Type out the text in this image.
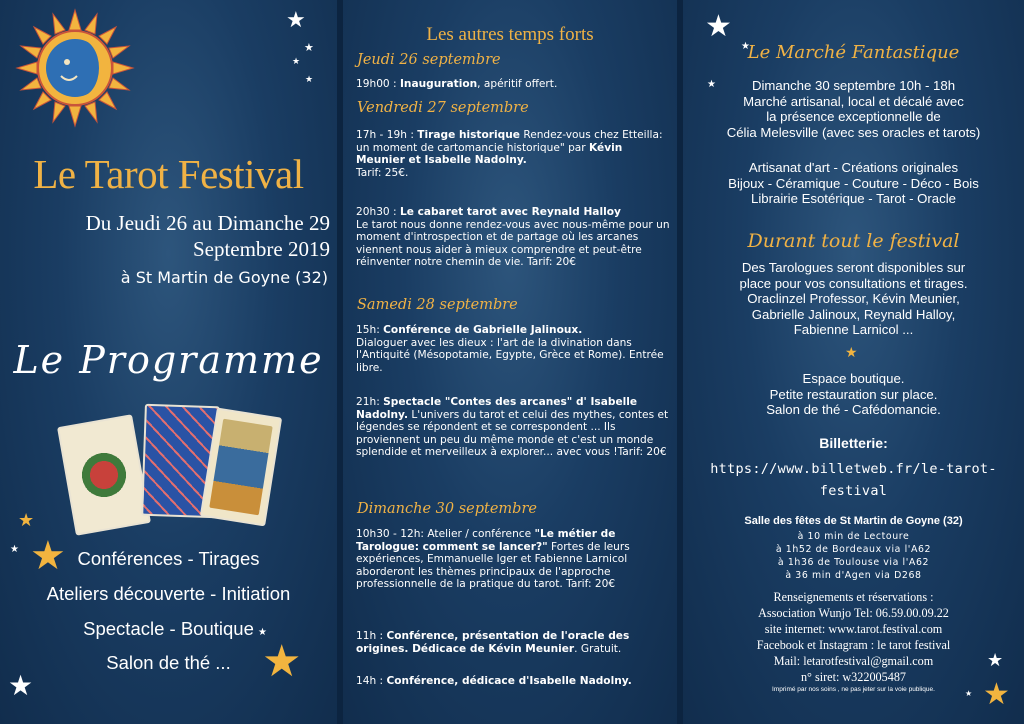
★
★
★
★
Le Tarot Festival
Du Jeudi 26 au Dimanche 29
Septembre 2019
à St Martin de Goyne (32)
Le Programme
★
★
★
★	★
★
Conférences - Tirages
Ateliers découverte - Initiation
Spectacle - Boutique
Salon de thé ...
Les autres temps forts
Jeudi 26 septembre
19h00 : Inauguration, apéritif offert.
Vendredi 27 septembre
17h - 19h : Tirage historique Rendez-vous chez Etteilla: un moment de cartomancie historique" par Kévin Meunier et Isabelle Nadolny.
Tarif: 25€.
20h30 : Le cabaret tarot avec Reynald Halloy
Le tarot nous donne rendez-vous avec nous-même pour un moment d'introspection et de partage où les arcanes viennent nous aider à mieux comprendre et peut-être réinventer notre chemin de vie. Tarif: 20€
Samedi 28 septembre
15h: Conférence de Gabrielle Jalinoux.
Dialoguer avec les dieux : l'art de la divination dans l'Antiquité (Mésopotamie, Egypte, Grèce et Rome). Entrée libre.
21h: Spectacle "Contes des arcanes" d' Isabelle Nadolny. L'univers du tarot et celui des mythes, contes et légendes se répondent et se correspondent ... Ils proviennent un peu du même monde et c'est un monde splendide et merveilleux à explorer... avec vous !Tarif: 20€
Dimanche 30 septembre
10h30 - 12h: Atelier / conférence "Le métier de Tarologue: comment se lancer?" Fortes de leurs expériences, Emmanuelle Iger et Fabienne Larnicol aborderont les thèmes principaux de l'approche professionnelle de la pratique du tarot. Tarif: 20€
11h : Conférence, présentation de l'oracle des origines. Dédicace de Kévin Meunier. Gratuit.
14h : Conférence, dédicace d'Isabelle Nadolny.
★
★
★
Le Marché Fantastique
Dimanche 30 septembre 10h - 18h
Marché artisanal, local et décalé avec
la présence exceptionnelle de
Célia Melesville (avec ses oracles et tarots)
Artisanat d'art - Créations originales
Bijoux - Céramique - Couture - Déco - Bois
Librairie Esotérique - Tarot - Oracle
Durant tout le festival
Des Tarologues seront disponibles sur
place pour vos consultations et tirages.
Oraclinzel Professor, Kévin Meunier,
Gabrielle Jalinoux, Reynald Halloy,
Fabienne Larnicol ...
★
Espace boutique.
Petite restauration sur place.
Salon de thé - Cafédomancie.
Billetterie:
https://www.billetweb.fr/le-tarot-
festival
Salle des fêtes de St Martin de Goyne (32)
à 10 min de Lectoure
à 1h52 de Bordeaux via l'A62
à 1h36 de Toulouse via l'A62
à 36 min d'Agen via D268
Renseignements et réservations :
Association Wunjo Tel: 06.59.00.09.22
site internet: www.tarot.festival.com
Facebook et Instagram : le tarot festival
Mail: letarotfestival@gmail.com
n° siret: w322005487
Imprimé par nos soins , ne pas jeter sur la voie publique.
★
★
★
